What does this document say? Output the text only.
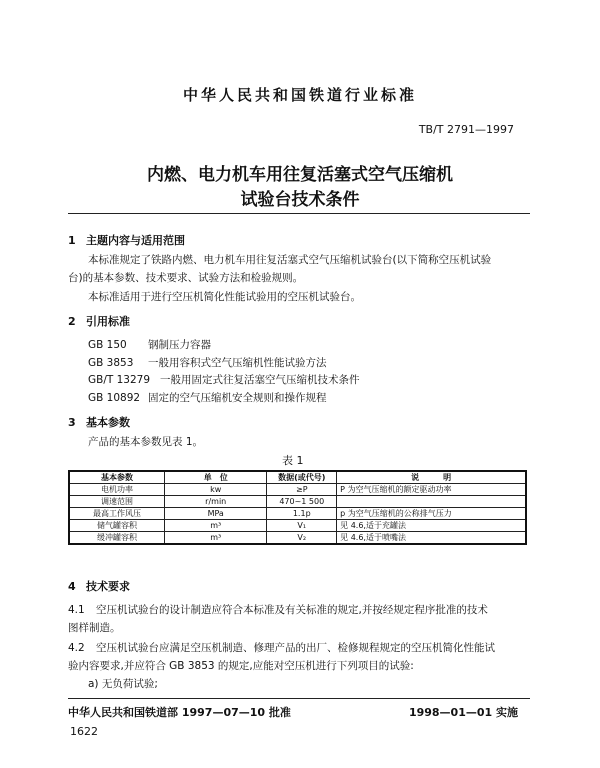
中华人民共和国铁道行业标准
TB/T 2791—1997
内燃、电力机车用往复活塞式空气压缩机
试验台技术条件
1 主题内容与适用范围
本标准规定了铁路内燃、电力机车用往复活塞式空气压缩机试验台(以下简称空压机试验
台)的基本参数、技术要求、试验方法和检验规则。
本标准适用于进行空压机简化性能试验用的空压机试验台。
2 引用标准
GB 150 钢制压力容器
GB 3853 一般用容积式空气压缩机性能试验方法
GB/T 13279 一般用固定式往复活塞空气压缩机技术条件
GB 10892 固定的空气压缩机安全规则和操作规程
3 基本参数
产品的基本参数见表 1。
表 1
基本参数	单　位	数据(或代号)	说　　　明
电机功率	kw	≥P	P 为空气压缩机的额定驱动功率
调速范围	r/min	470~1 500	
最高工作风压	MPa	1.1p	p 为空气压缩机的公称排气压力
储气罐容积	m³	V₁	见 4.6,适于充罐法
缓冲罐容积	m³	V₂	见 4.6,适于喷嘴法
4 技术要求
4.1 空压机试验台的设计制造应符合本标准及有关标准的规定,并按经规定程序批准的技术
图样制造。
4.2 空压机试验台应满足空压机制造、修理产品的出厂、检修规程规定的空压机简化性能试
验内容要求,并应符合 GB 3853 的规定,应能对空压机进行下列项目的试验:
a) 无负荷试验;
中华人民共和国铁道部 1997—07—10 批准	1998—01—01 实施
1622
